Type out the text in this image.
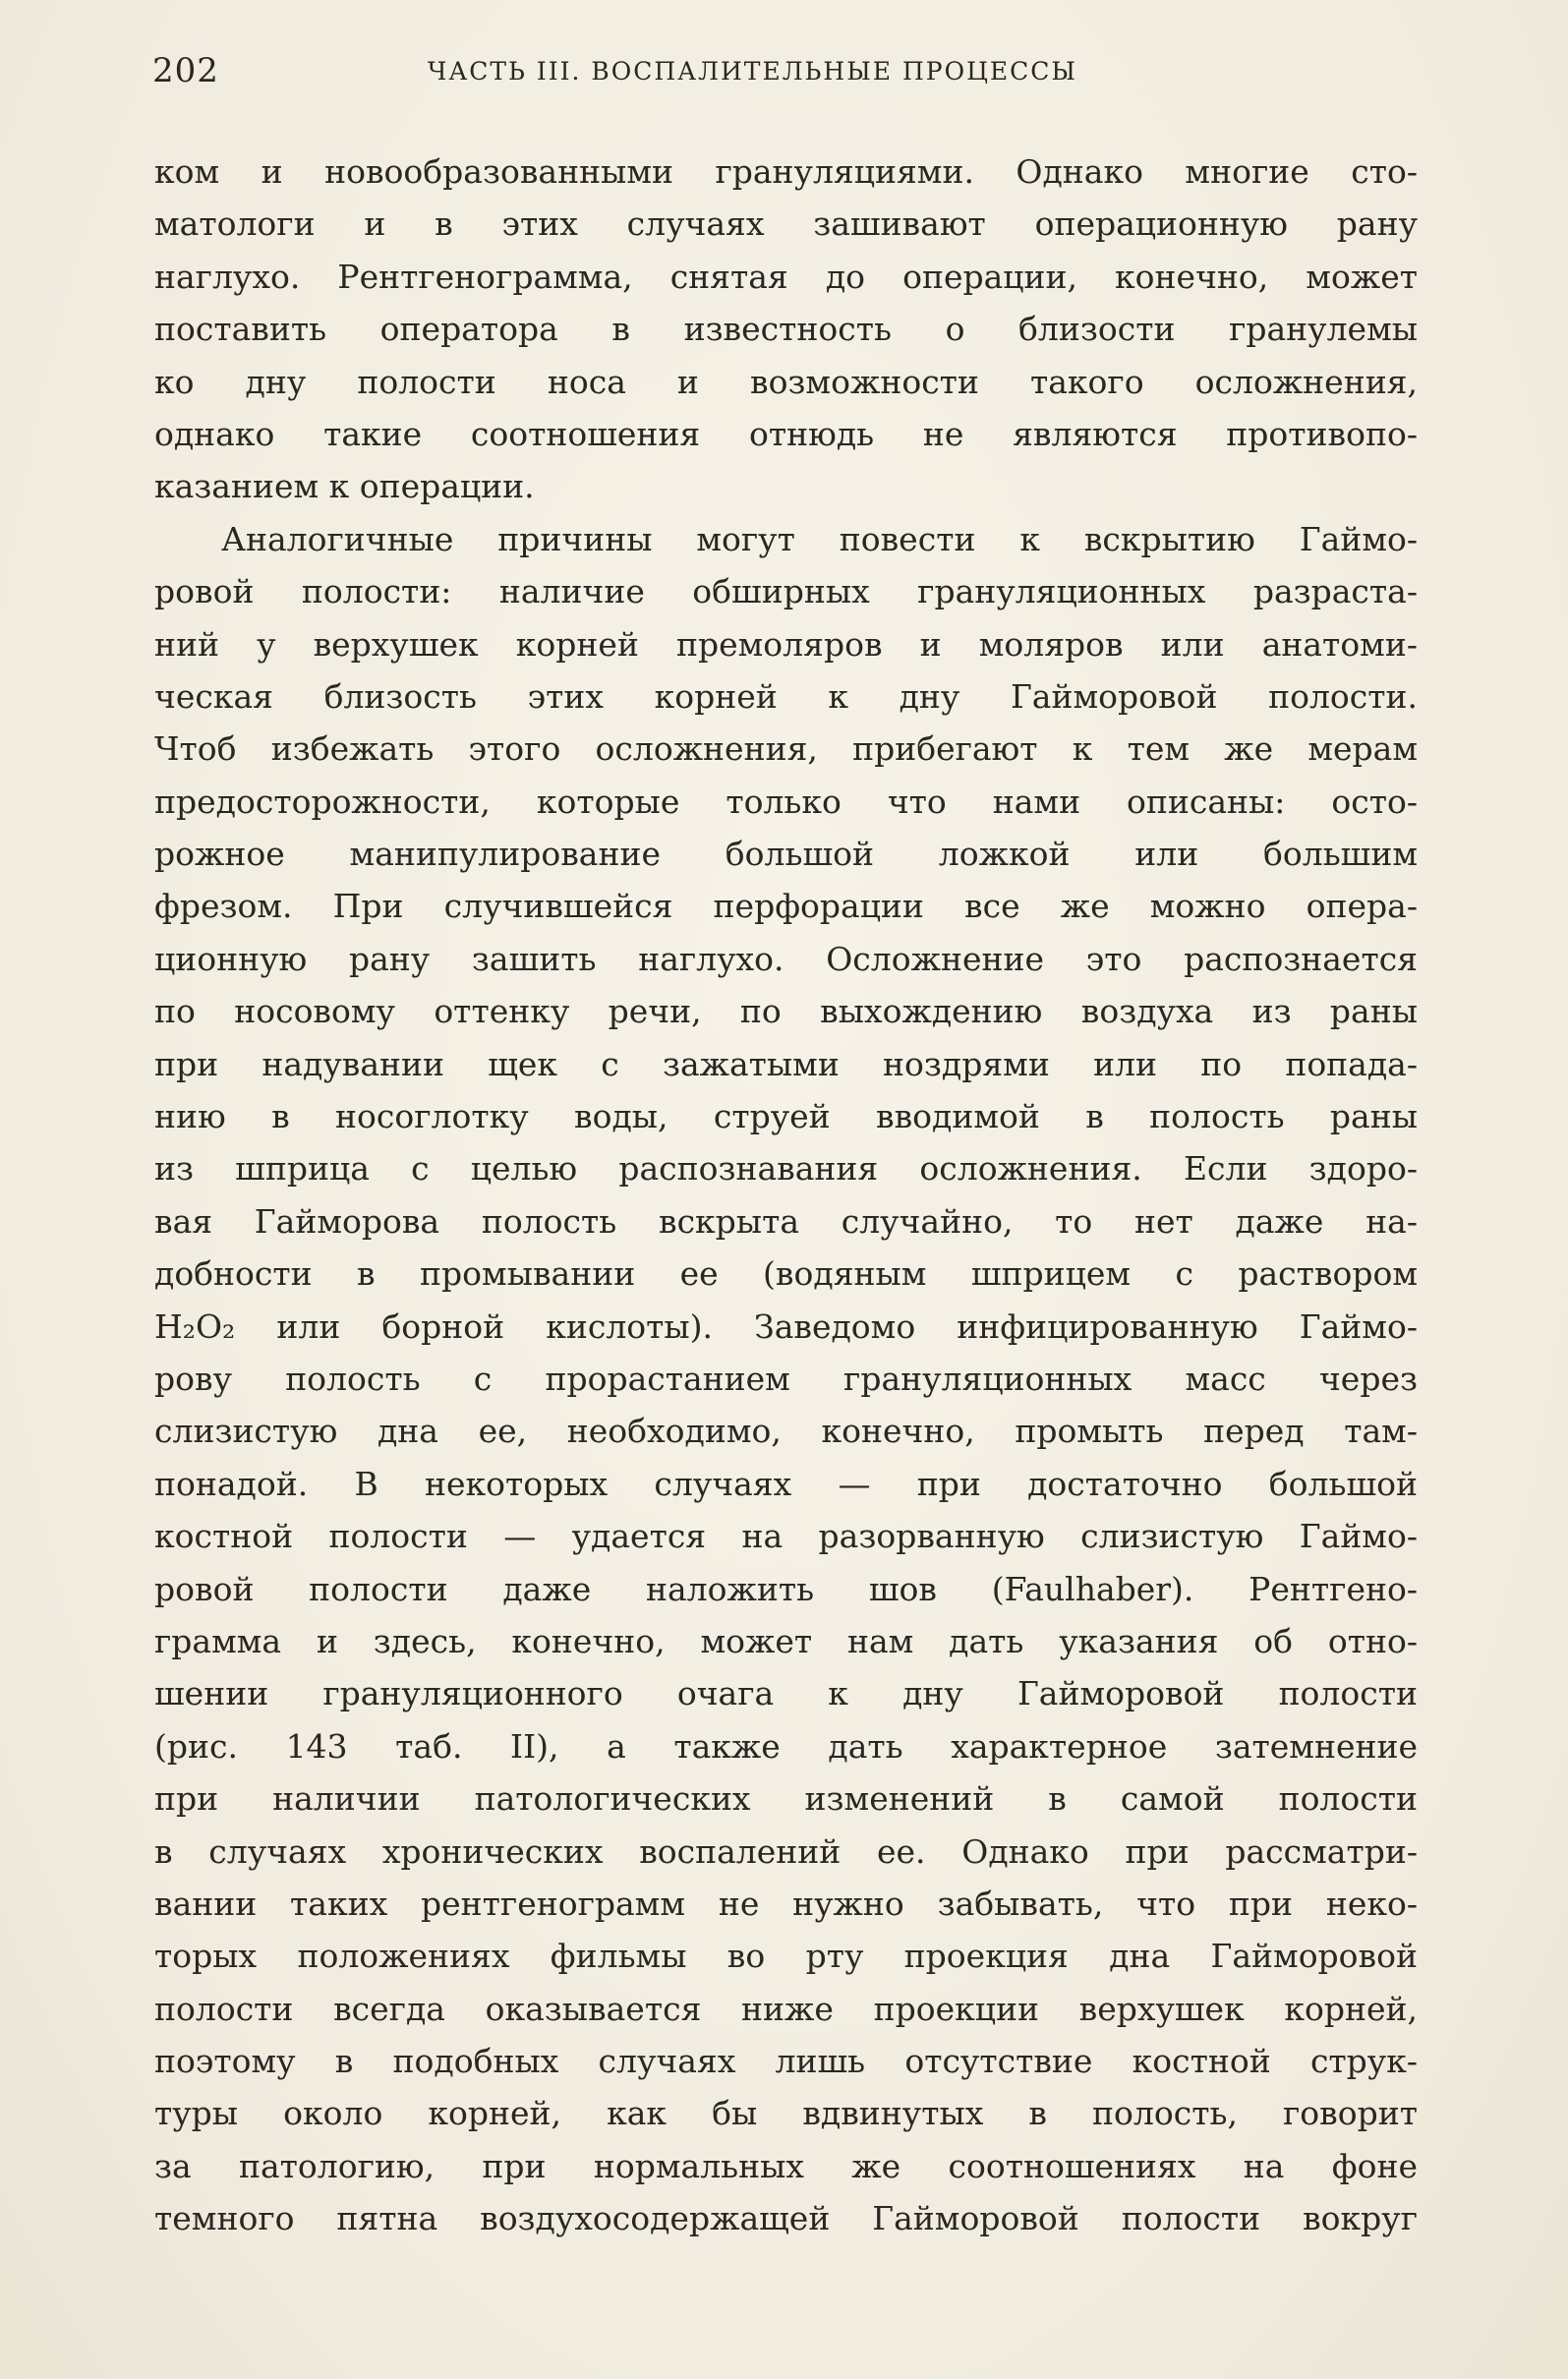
202	ЧАСТЬ III. ВОСПАЛИТЕЛЬНЫЕ ПРОЦЕССЫ
ком и новообразованными грануляциями. Однако многие сто-
матологи и в этих случаях зашивают операционную рану
наглухо. Рентгенограмма, снятая до операции, конечно, может
поставить оператора в известность о близости гранулемы
ко дну полости носа и возможности такого осложнения,
однако такие соотношения отнюдь не являются противопо-
казанием к операции.
Аналогичные причины могут повести к вскрытию Гаймо-
ровой полости: наличие обширных грануляционных разраста-
ний у верхушек корней премоляров и моляров или анатоми-
ческая близость этих корней к дну Гайморовой полости.
Чтоб избежать этого осложнения, прибегают к тем же мерам
предосторожности, которые только что нами описаны: осто-
рожное манипулирование большой ложкой или большим
фрезом. При случившейся перфорации все же можно опера-
ционную рану зашить наглухо. Осложнение это распознается
по носовому оттенку речи, по выхождению воздуха из раны
при надувании щек с зажатыми ноздрями или по попада-
нию в носоглотку воды, струей вводимой в полость раны
из шприца с целью распознавания осложнения. Если здоро-
вая Гайморова полость вскрыта случайно, то нет даже на-
добности в промывании ее (водяным шприцем с раствором
H₂O₂ или борной кислоты). Заведомо инфицированную Гаймо-
рову полость с прорастанием грануляционных масс через
слизистую дна ее, необходимо, конечно, промыть перед там-
понадой. В некоторых случаях — при достаточно большой
костной полости — удается на разорванную слизистую Гаймо-
ровой полости даже наложить шов (Faulhaber). Рентгено-
грамма и здесь, конечно, может нам дать указания об отно-
шении грануляционного очага к дну Гайморовой полости
(рис. 143 таб. II), а также дать характерное затемнение
при наличии патологических изменений в самой полости
в случаях хронических воспалений ее. Однако при рассматри-
вании таких рентгенограмм не нужно забывать, что при неко-
торых положениях фильмы во рту проекция дна Гайморовой
полости всегда оказывается ниже проекции верхушек корней,
поэтому в подобных случаях лишь отсутствие костной струк-
туры около корней, как бы вдвинутых в полость, говорит
за патологию, при нормальных же соотношениях на фоне
темного пятна воздухосодержащей Гайморовой полости вокруг
